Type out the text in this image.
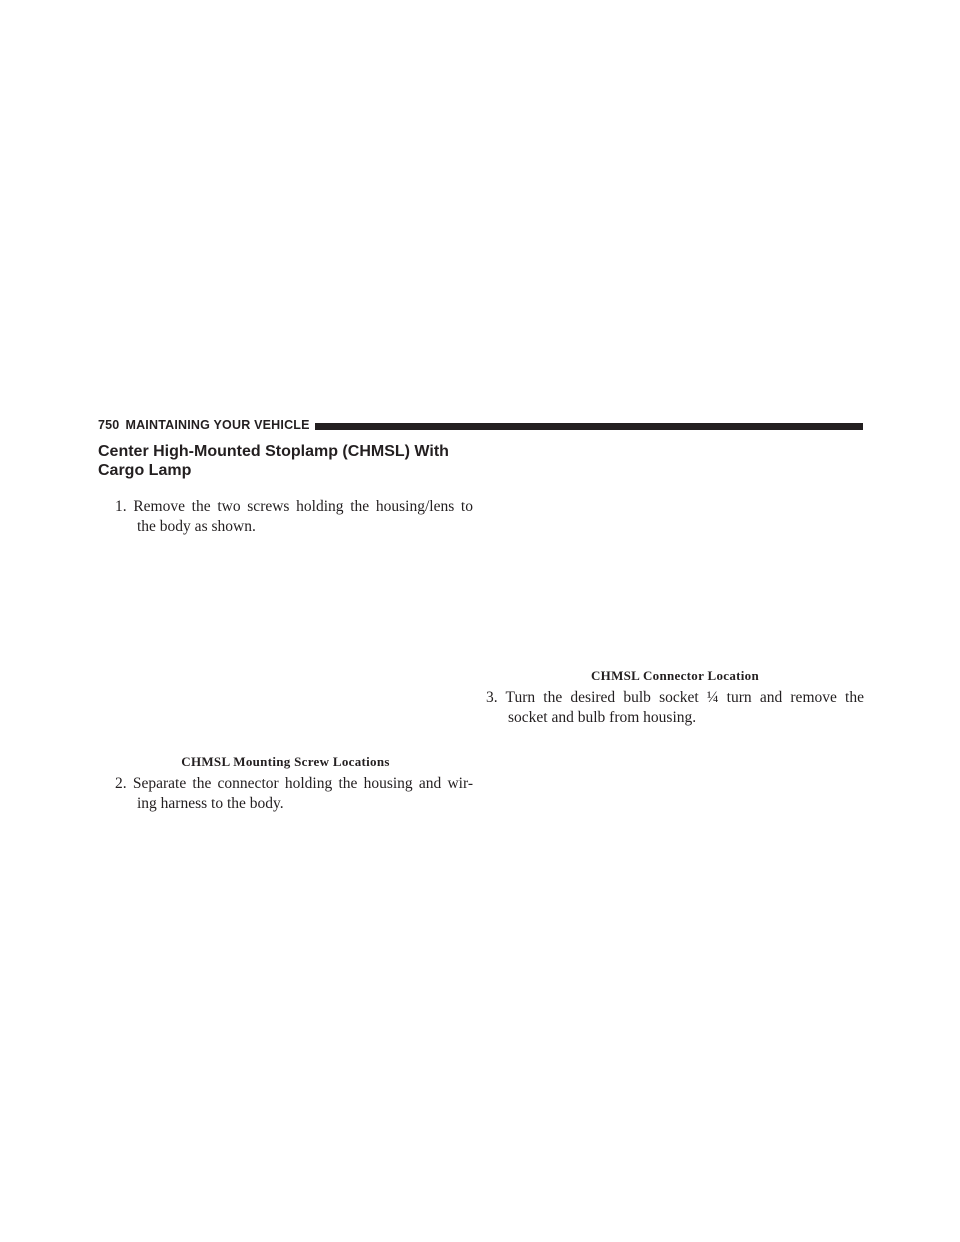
750 MAINTAINING YOUR VEHICLE
Center High-Mounted Stoplamp (CHMSL) With
Cargo Lamp

1. Remove the two screws holding the housing/lens to the body as shown.

CHMSL Mounting Screw Locations

2. Separate the connector holding the housing and wir-ing harness to the body.

CHMSL Connector Location

3. Turn the desired bulb socket ¼ turn and remove the socket and bulb from housing.
